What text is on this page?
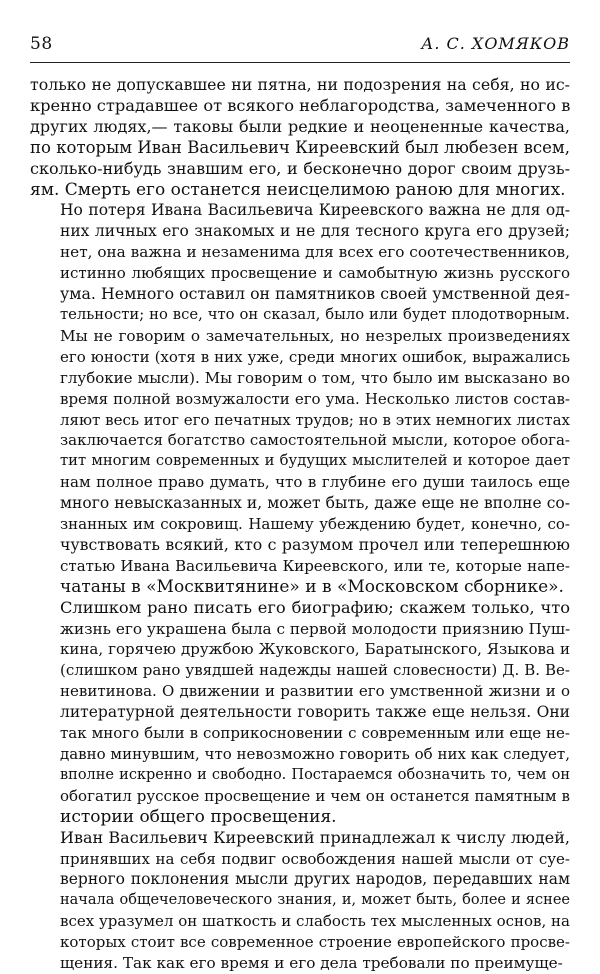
58	А. С. ХОМЯКОВ

только не допускавшее ни пятна, ни подозрения на себя, но ис-
кренно страдавшее от всякого неблагородства, замеченного в
других людях,— таковы были редкие и неоцененные качества,
по которым Иван Васильевич Киреевский был любезен всем,
сколько-нибудь знавшим его, и бесконечно дорог своим друзь-
ям. Смерть его останется неисцелимою раною для многих.

Но потеря Ивана Васильевича Киреевского важна не для од-
них личных его знакомых и не для тесного круга его друзей;
нет, она важна и незаменима для всех его соотечественников,
истинно любящих просвещение и самобытную жизнь русского
ума. Немного оставил он памятников своей умственной дея-
тельности; но все, что он сказал, было или будет плодотворным.
Мы не говорим о замечательных, но незрелых произведениях
его юности (хотя в них уже, среди многих ошибок, выражались
глубокие мысли). Мы говорим о том, что было им высказано во
время полной возмужалости его ума. Несколько листов состав-
ляют весь итог его печатных трудов; но в этих немногих листах
заключается богатство самостоятельной мысли, которое обога-
тит многим современных и будущих мыслителей и которое дает
нам полное право думать, что в глубине его души таилось еще
много невысказанных и, может быть, даже еще не вполне со-
знанных им сокровищ. Нашему убеждению будет, конечно, со-
чувствовать всякий, кто с разумом прочел или теперешнюю
статью Ивана Васильевича Киреевского, или те, которые напе-
чатаны в «Москвитянине» и в «Московском сборнике».

Слишком рано писать его биографию; скажем только, что
жизнь его украшена была с первой молодости приязнию Пуш-
кина, горячею дружбою Жуковского, Баратынского, Языкова и
(слишком рано увядшей надежды нашей словесности) Д. В. Ве-
невитинова. О движении и развитии его умственной жизни и о
литературной деятельности говорить также еще нельзя. Они
так много были в соприкосновении с современным или еще не-
давно минувшим, что невозможно говорить об них как следует,
вполне искренно и свободно. Постараемся обозначить то, чем он
обогатил русское просвещение и чем он останется памятным в
истории общего просвещения.

Иван Васильевич Киреевский принадлежал к числу людей,
принявших на себя подвиг освобождения нашей мысли от суе-
верного поклонения мысли других народов, передавших нам
начала общечеловеческого знания, и, может быть, более и яснее
всех уразумел он шаткость и слабость тех мысленных основ, на
которых стоит все современное строение европейского просве-
щения. Так как его время и его дела требовали по преимуще-
